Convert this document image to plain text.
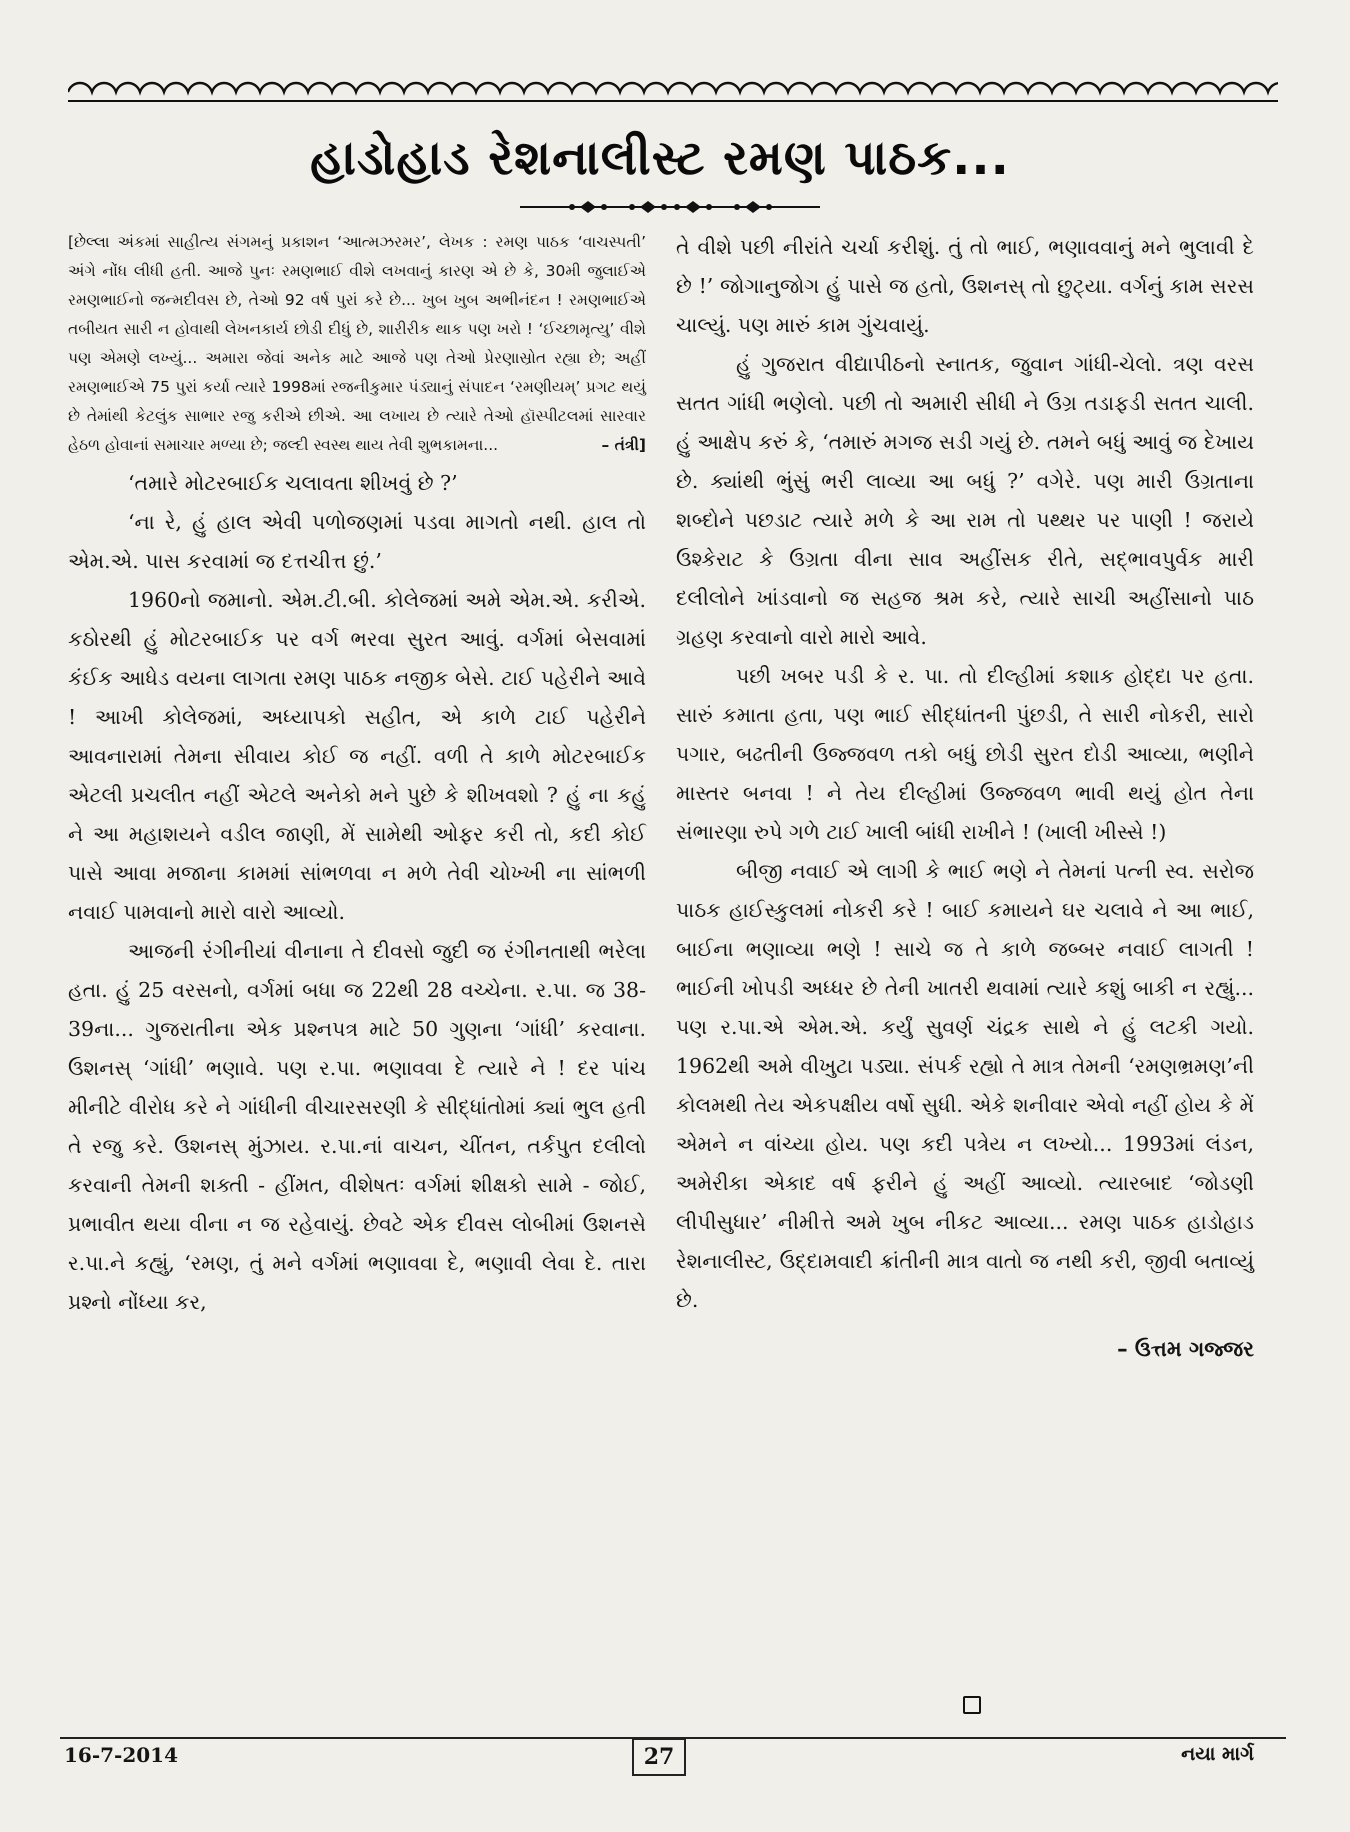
હાડોહાડ રેશનાલીસ્ટ રમણ પાઠક...

[છેલ્લા અંકમાં સાહીત્ય સંગમનું પ્રકાશન ‘આત્મઝરમર’, લેખક : રમણ પાઠક ‘વાચસ્પતી’ અંગે નોંધ લીધી હતી. આજે પુનઃ રમણભાઈ વીશે લખવાનું કારણ એ છે કે, 30મી જુલાઈએ રમણભાઈનો જન્મદીવસ છે, તેઓ 92 વર્ષ પુરાં કરે છે... ખુબ ખુબ અભીનંદન ! રમણભાઈએ તબીયત સારી ન હોવાથી લેખનકાર્ય છોડી દીધું છે, શારીરીક થાક પણ ખરો ! ‘ઈચ્છામૃત્યુ’ વીશે પણ એમણે લખ્યું... અમારા જેવાં અનેક માટે આજે પણ તેઓ પ્રેરણાસ્રોત રહ્યા છે; અહીં રમણભાઈએ 75 પુરાં કર્યા ત્યારે 1998માં રજનીકુમાર પંડ્યાનું સંપાદન ‘રમણીયમ્’ પ્રગટ થયું છે તેમાંથી કેટલુંક સાભાર રજુ કરીએ છીએ. આ લખાય છે ત્યારે તેઓ હૉસ્પીટલમાં સારવાર હેઠળ હોવાનાં સમાચાર મળ્યા છે; જલ્દી સ્વસ્થ થાય તેવી શુભકામના...	– તંત્રી]

‘તમારે મોટરબાઈક ચલાવતા શીખવું છે ?’

‘ના રે, હું હાલ એવી પળોજણમાં પડવા માગતો નથી. હાલ તો એમ.એ. પાસ કરવામાં જ દત્તચીત્ત છું.’

1960નો જમાનો. એમ.ટી.બી. કોલેજમાં અમે એમ.એ. કરીએ. કઠોરથી હું મોટરબાઈક પર વર્ગ ભરવા સુરત આવું. વર્ગમાં બેસવામાં કંઈક આધેડ વયના લાગતા રમણ પાઠક નજીક બેસે. ટાઈ પહેરીને આવે ! આખી કોલેજમાં, અધ્યાપકો સહીત, એ કાળે ટાઈ પહેરીને આવનારામાં તેમના સીવાય કોઈ જ નહીં. વળી તે કાળે મોટરબાઈક એટલી પ્રચલીત નહીં એટલે અનેકો મને પુછે કે શીખવશો ? હું ના કહું ને આ મહાશયને વડીલ જાણી, મેં સામેથી ઓફર કરી તો, કદી કોઈ પાસે આવા મજાના કામમાં સાંભળવા ન મળે તેવી ચોખ્ખી ના સાંભળી નવાઈ પામવાનો મારો વારો આવ્યો.

આજની રંગીનીયાં વીનાના તે દીવસો જુદી જ રંગીનતાથી ભરેલા હતા. હું 25 વરસનો, વર્ગમાં બધા જ 22થી 28 વચ્ચેના. ર.પા. જ 38-39ના... ગુજરાતીના એક પ્રશ્નપત્ર માટે 50 ગુણના ‘ગાંધી’ કરવાના. ઉશનસ્ ‘ગાંધી’ ભણાવે. પણ ર.પા. ભણાવવા દે ત્યારે ને ! દર પાંચ મીનીટે વીરોધ કરે ને ગાંધીની વીચારસરણી કે સીદ્ધાંતોમાં ક્યાં ભુલ હતી તે રજુ કરે. ઉશનસ્ મુંઝાય. ર.પા.નાં વાચન, ચીંતન, તર્કપુત દલીલો કરવાની તેમની શક્તી - હીંમત, વીશેષતઃ વર્ગમાં શીક્ષકો સામે - જોઈ, પ્રભાવીત થયા વીના ન જ રહેવાયું. છેવટે એક દીવસ લોબીમાં ઉશનસે ર.પા.ને કહ્યું, ‘રમણ, તું મને વર્ગમાં ભણાવવા દે, ભણાવી લેવા દે. તારા પ્રશ્નો નોંધ્યા કર,

તે વીશે પછી નીરાંતે ચર્ચા કરીશું. તું તો ભાઈ, ભણાવવાનું મને ભુલાવી દે છે !’ જોગાનુજોગ હું પાસે જ હતો, ઉશનસ્ તો છુટ્યા. વર્ગનું કામ સરસ ચાલ્યું. પણ મારું કામ ગુંચવાયું.

હું ગુજરાત વીદ્યાપીઠનો સ્નાતક, જુવાન ગાંધી-ચેલો. ત્રણ વરસ સતત ગાંધી ભણેલો. પછી તો અમારી સીધી ને ઉગ્ર તડાફડી સતત ચાલી. હું આક્ષેપ કરું કે, ‘તમારું મગજ સડી ગયું છે. તમને બધું આવું જ દેખાય છે. ક્યાંથી ભુંસું ભરી લાવ્યા આ બધું ?’ વગેરે. પણ મારી ઉગ્રતાના શબ્દોને પછડાટ ત્યારે મળે કે આ રામ તો પથ્થર પર પાણી ! જરાયે ઉશ્કેરાટ કે ઉગ્રતા વીના સાવ અહીંસક રીતે, સદ્ભાવપુર્વક મારી દલીલોને ખાંડવાનો જ સહજ શ્રમ કરે, ત્યારે સાચી અહીંસાનો પાઠ ગ્રહણ કરવાનો વારો મારો આવે.

પછી ખબર પડી કે ર. પા. તો દીલ્હીમાં કશાક હોદ્દા પર હતા. સારું કમાતા હતા, પણ ભાઈ સીદ્ધાંતની પુંછડી, તે સારી નોકરી, સારો પગાર, બઢતીની ઉજ્જવળ તકો બધું છોડી સુરત દોડી આવ્યા, ભણીને માસ્તર બનવા ! ને તેય દીલ્હીમાં ઉજ્જવળ ભાવી થયું હોત તેના સંભારણા રુપે ગળે ટાઈ ખાલી બાંધી રાખીને ! (ખાલી ખીસ્સે !)

બીજી નવાઈ એ લાગી કે ભાઈ ભણે ને તેમનાં પત્ની સ્વ. સરોજ પાઠક હાઈસ્કુલમાં નોકરી કરે ! બાઈ કમાયને ઘર ચલાવે ને આ ભાઈ, બાઈના ભણાવ્યા ભણે ! સાચે જ તે કાળે જબ્બર નવાઈ લાગતી ! ભાઈની ખોપડી અધ્ધર છે તેની ખાતરી થવામાં ત્યારે કશું બાકી ન રહ્યું... પણ ર.પા.એ એમ.એ. કર્યું સુવર્ણ ચંદ્રક સાથે ને હું લટકી ગયો. 1962થી અમે વીખુટા પડ્યા. સંપર્ક રહ્યો તે માત્ર તેમની ‘રમણભ્રમણ’ની કોલમથી તેય એકપક્ષીય વર્ષો સુધી. એકે શનીવાર એવો નહીં હોય કે મેં એમને ન વાંચ્યા હોય. પણ કદી પત્રેય ન લખ્યો... 1993માં લંડન, અમેરીકા એકાદ વર્ષ ફરીને હું અહીં આવ્યો. ત્યારબાદ ‘જોડણી લીપીસુધાર’ નીમીત્તે અમે ખુબ નીકટ આવ્યા... રમણ પાઠક હાડોહાડ રેશનાલીસ્ટ, ઉદ્દામવાદી ક્રાંતીની માત્ર વાતો જ નથી કરી, જીવી બતાવ્યું છે.

– ઉત્તમ ગજ્જર

16-7-2014	27	નયા માર્ગ
